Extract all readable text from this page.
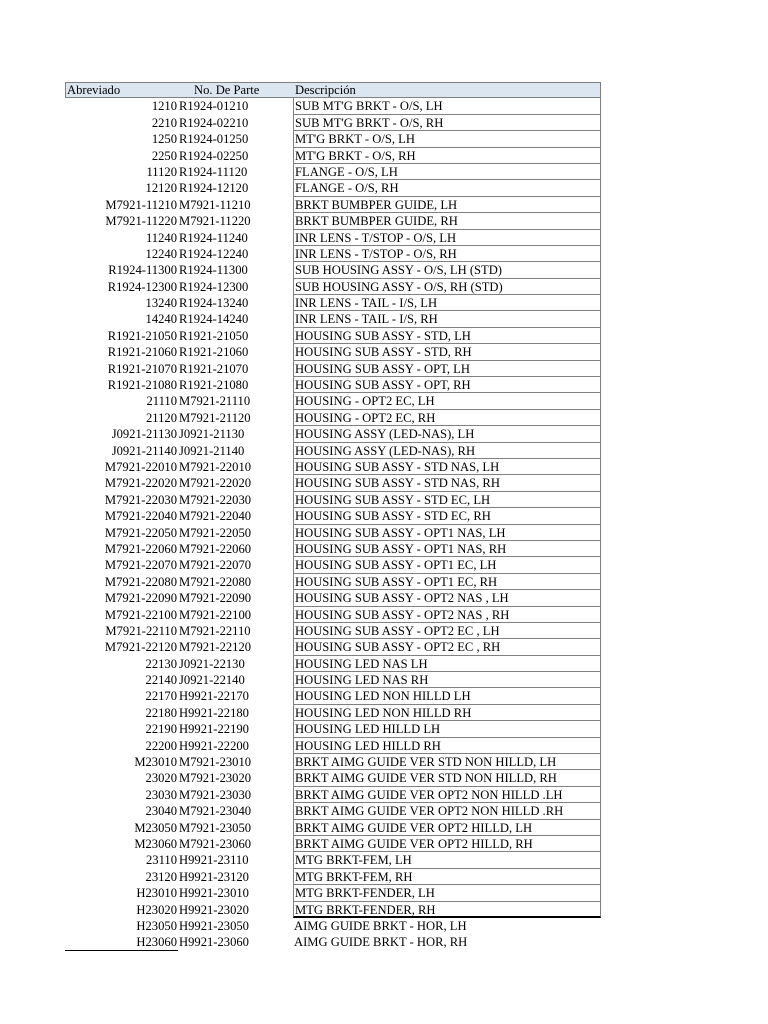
Abreviado	No. De Parte	Descripción
1210 R1924-01210	SUB MT'G BRKT - O/S, LH
2210 R1924-02210	SUB MT'G BRKT - O/S, RH
1250 R1924-01250	MT'G BRKT - O/S, LH
2250 R1924-02250	MT'G BRKT - O/S, RH
11120 R1924-11120	FLANGE - O/S, LH
12120 R1924-12120	FLANGE - O/S, RH
M7921-11210 M7921-11210	BRKT BUMBPER GUIDE, LH
M7921-11220 M7921-11220	BRKT BUMBPER GUIDE, RH
11240 R1924-11240	INR LENS - T/STOP - O/S, LH
12240 R1924-12240	INR LENS - T/STOP - O/S, RH
R1924-11300 R1924-11300	SUB HOUSING ASSY - O/S, LH (STD)
R1924-12300 R1924-12300	SUB HOUSING ASSY - O/S, RH (STD)
13240 R1924-13240	INR LENS - TAIL - I/S, LH
14240 R1924-14240	INR LENS - TAIL - I/S, RH
R1921-21050 R1921-21050	HOUSING SUB ASSY - STD, LH
R1921-21060 R1921-21060	HOUSING SUB ASSY - STD, RH
R1921-21070 R1921-21070	HOUSING SUB ASSY - OPT, LH
R1921-21080 R1921-21080	HOUSING SUB ASSY - OPT, RH
21110 M7921-21110	HOUSING - OPT2 EC, LH
21120 M7921-21120	HOUSING - OPT2 EC, RH
J0921-21130 J0921-21130	HOUSING ASSY (LED-NAS), LH
J0921-21140 J0921-21140	HOUSING ASSY (LED-NAS), RH
M7921-22010 M7921-22010	HOUSING SUB ASSY - STD NAS, LH
M7921-22020 M7921-22020	HOUSING SUB ASSY - STD NAS, RH
M7921-22030 M7921-22030	HOUSING SUB ASSY - STD EC, LH
M7921-22040 M7921-22040	HOUSING SUB ASSY - STD EC, RH
M7921-22050 M7921-22050	HOUSING SUB ASSY - OPT1 NAS, LH
M7921-22060 M7921-22060	HOUSING SUB ASSY - OPT1 NAS, RH
M7921-22070 M7921-22070	HOUSING SUB ASSY - OPT1 EC, LH
M7921-22080 M7921-22080	HOUSING SUB ASSY - OPT1 EC, RH
M7921-22090 M7921-22090	HOUSING SUB ASSY - OPT2 NAS , LH
M7921-22100 M7921-22100	HOUSING SUB ASSY - OPT2 NAS , RH
M7921-22110 M7921-22110	HOUSING SUB ASSY - OPT2 EC , LH
M7921-22120 M7921-22120	HOUSING SUB ASSY - OPT2 EC , RH
22130 J0921-22130	HOUSING LED NAS LH
22140 J0921-22140	HOUSING LED NAS RH
22170 H9921-22170	HOUSING LED NON HILLD LH
22180 H9921-22180	HOUSING LED NON HILLD RH
22190 H9921-22190	HOUSING LED HILLD LH
22200 H9921-22200	HOUSING LED HILLD RH
M23010 M7921-23010	BRKT AIMG GUIDE VER STD NON HILLD, LH
23020 M7921-23020	BRKT AIMG GUIDE VER STD NON HILLD, RH
23030 M7921-23030	BRKT AIMG GUIDE VER OPT2 NON HILLD .LH
23040 M7921-23040	BRKT AIMG GUIDE VER OPT2 NON HILLD .RH
M23050 M7921-23050	BRKT AIMG GUIDE VER OPT2 HILLD, LH
M23060 M7921-23060	BRKT AIMG GUIDE VER OPT2 HILLD, RH
23110 H9921-23110	MTG BRKT-FEM, LH
23120 H9921-23120	MTG BRKT-FEM, RH
H23010 H9921-23010	MTG BRKT-FENDER, LH
H23020 H9921-23020	MTG BRKT-FENDER, RH
H23050 H9921-23050	AIMG GUIDE BRKT - HOR, LH
H23060 H9921-23060	AIMG GUIDE BRKT - HOR, RH
